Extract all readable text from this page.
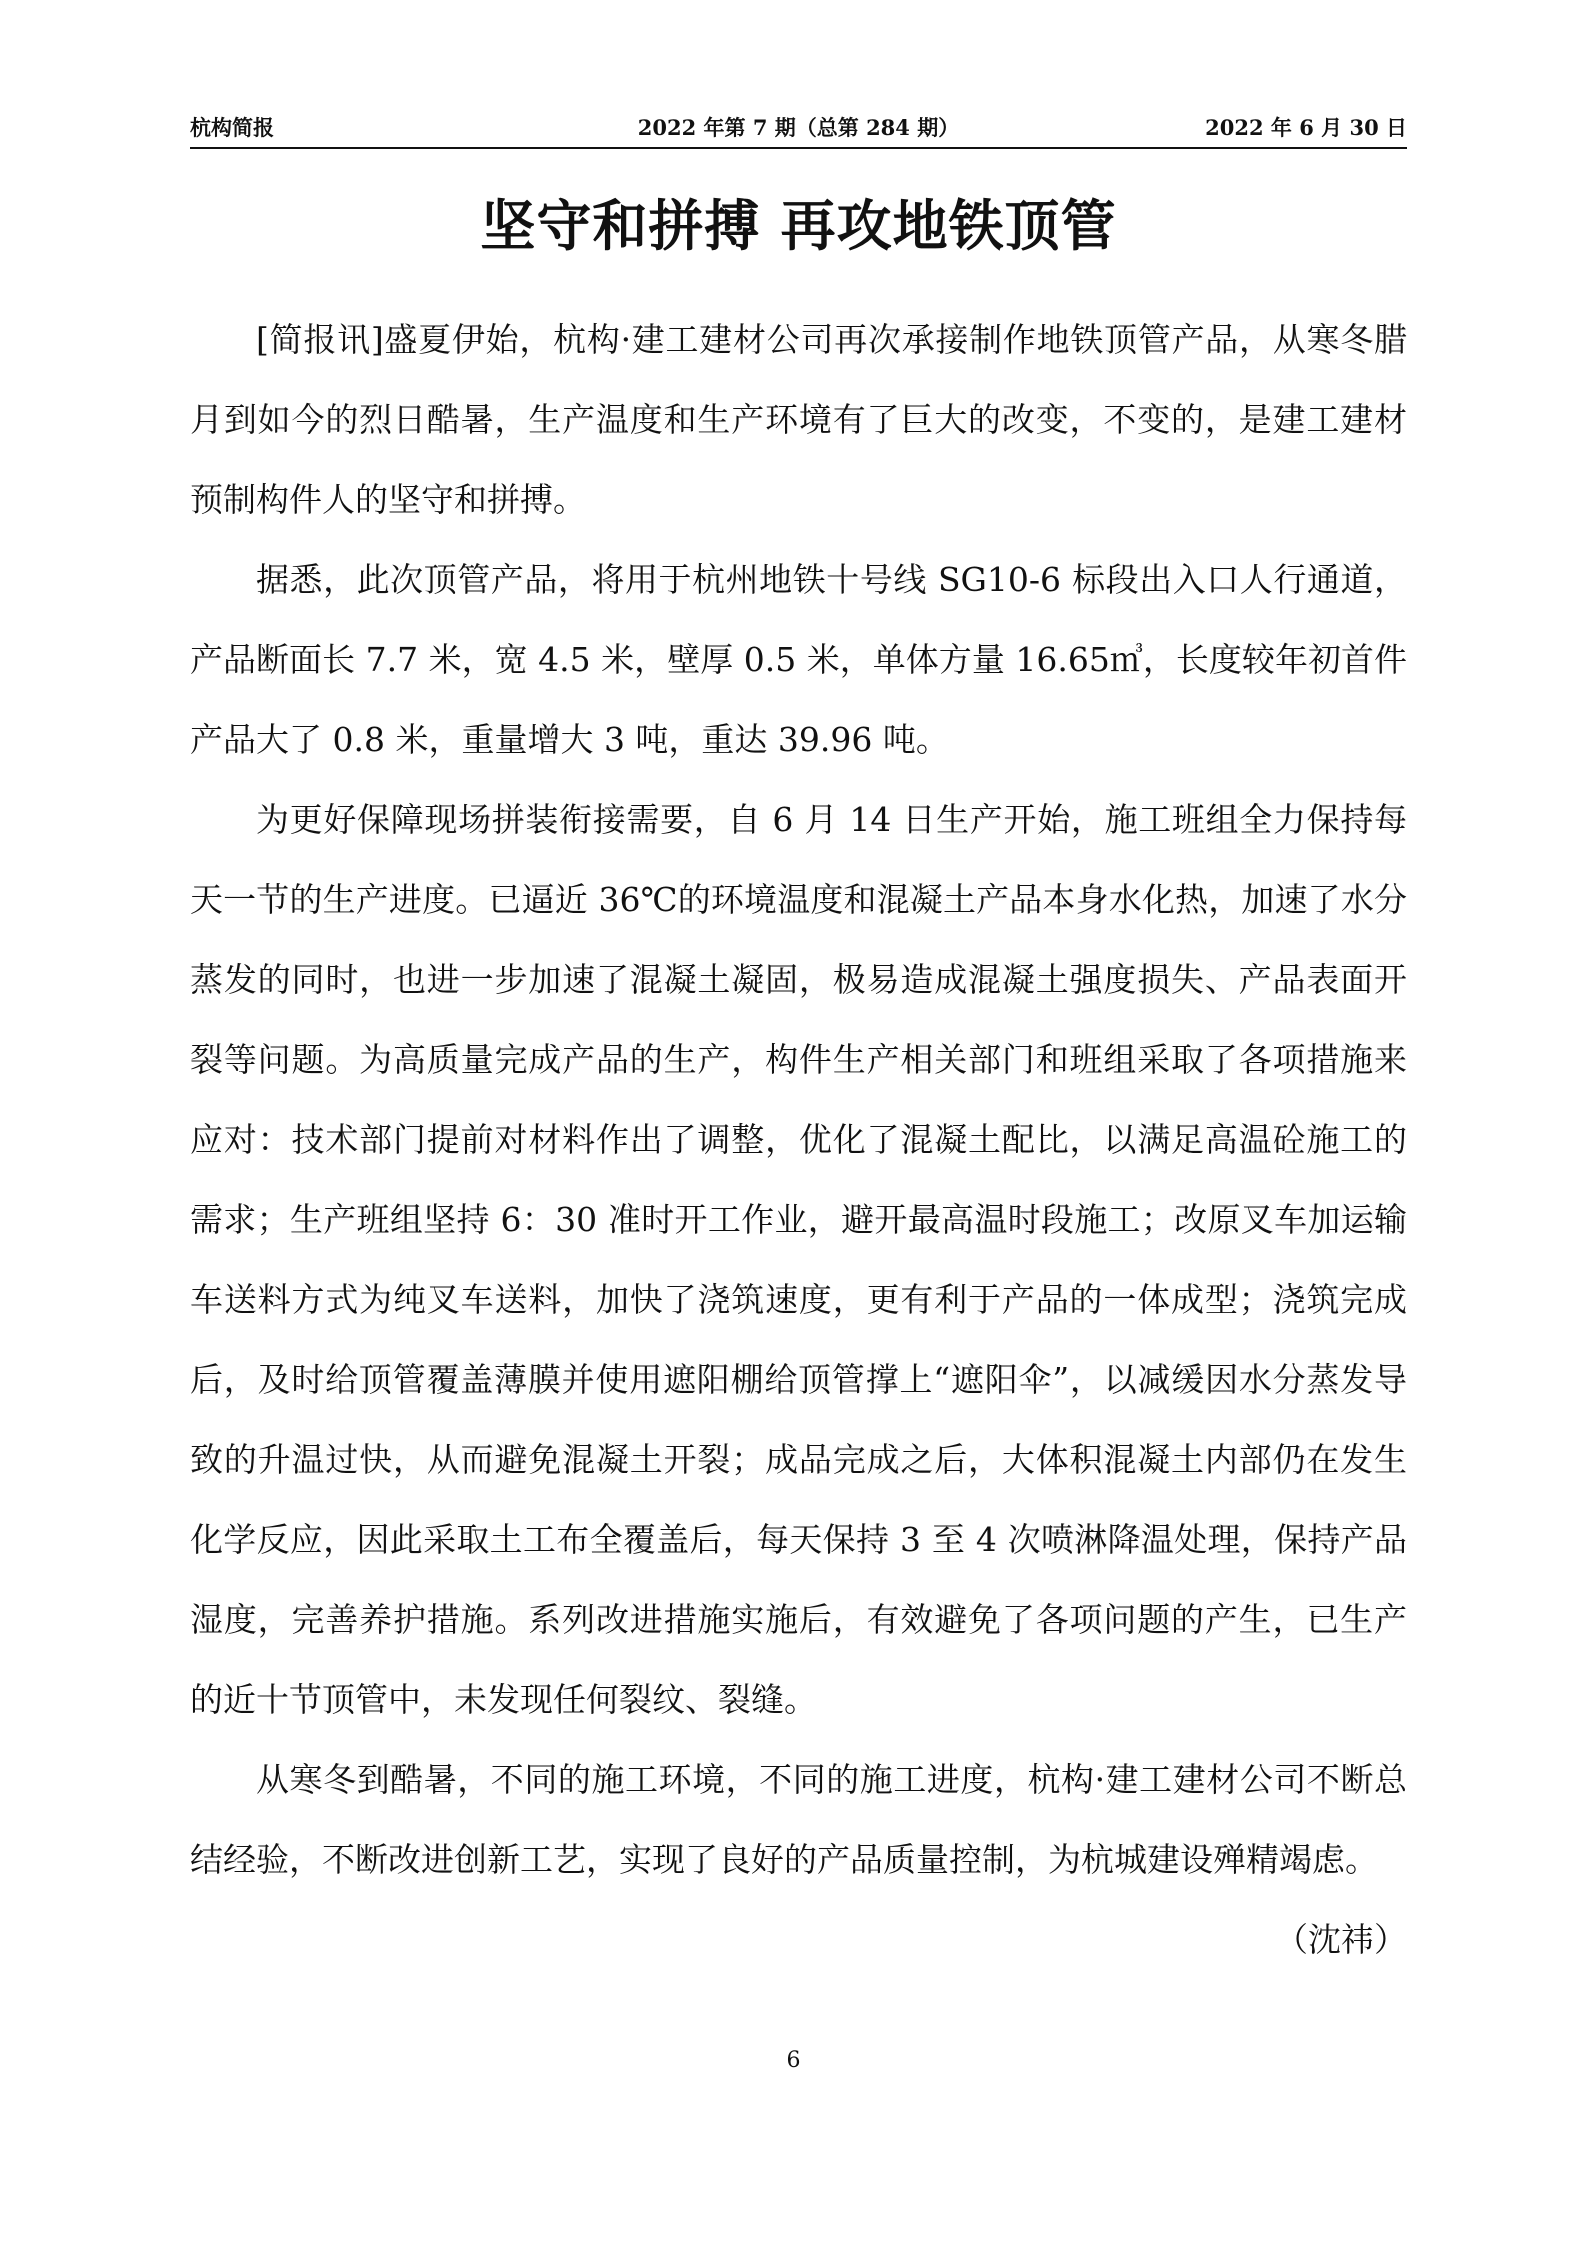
杭构简报	2022 年第 7 期（总第 284 期）	2022 年 6 月 30 日
坚守和拼搏 再攻地铁顶管

[简报讯]盛夏伊始，杭构·建工建材公司再次承接制作地铁顶管产品，从寒冬腊月到如今的烈日酷暑，生产温度和生产环境有了巨大的改变，不变的，是建工建材预制构件人的坚守和拼搏。

据悉，此次顶管产品，将用于杭州地铁十号线 SG10-6 标段出入口人行通道，产品断面长 7.7 米，宽 4.5 米，壁厚 0.5 米，单体方量 16.65㎥，长度较年初首件产品大了 0.8 米，重量增大 3 吨，重达 39.96 吨。

为更好保障现场拼装衔接需要，自 6 月 14 日生产开始，施工班组全力保持每天一节的生产进度。已逼近 36℃的环境温度和混凝土产品本身水化热，加速了水分蒸发的同时，也进一步加速了混凝土凝固，极易造成混凝土强度损失、产品表面开裂等问题。为高质量完成产品的生产，构件生产相关部门和班组采取了各项措施来应对：技术部门提前对材料作出了调整，优化了混凝土配比，以满足高温砼施工的需求；生产班组坚持 6：30 准时开工作业，避开最高温时段施工；改原叉车加运输车送料方式为纯叉车送料，加快了浇筑速度，更有利于产品的一体成型；浇筑完成后，及时给顶管覆盖薄膜并使用遮阳棚给顶管撑上“遮阳伞”，以减缓因水分蒸发导致的升温过快，从而避免混凝土开裂；成品完成之后，大体积混凝土内部仍在发生化学反应，因此采取土工布全覆盖后，每天保持 3 至 4 次喷淋降温处理，保持产品湿度，完善养护措施。系列改进措施实施后，有效避免了各项问题的产生，已生产的近十节顶管中，未发现任何裂纹、裂缝。

从寒冬到酷暑，不同的施工环境，不同的施工进度，杭构·建工建材公司不断总结经验，不断改进创新工艺，实现了良好的产品质量控制，为杭城建设殚精竭虑。
（沈祎）

6
